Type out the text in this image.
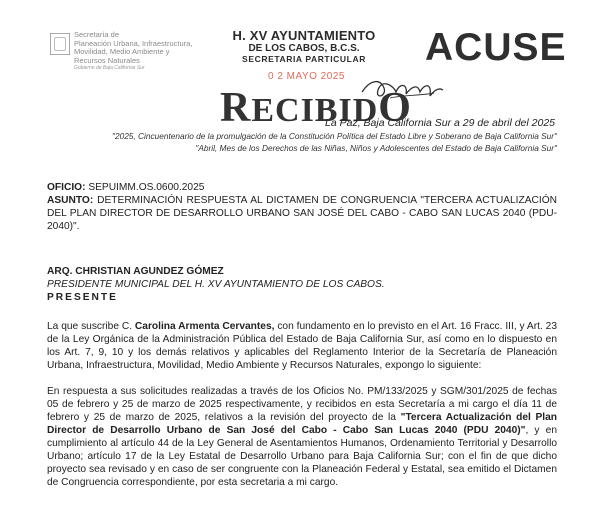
Secretaría de
Planeación Urbana, Infraestructura,
Movilidad, Medio Ambiente y
Recursos Naturales
Gobierno de Baja California Sur
H. XV AYUNTAMIENTO
DE LOS CABOS, B.C.S.
SECRETARIA PARTICULAR
0 2 MAYO 2025
RECIBIDO
ACUSE
La Paz, Baja California Sur a 29 de abril del 2025
"2025, Cincuentenario de la promulgación de la Constitución Política del Estado Libre y Soberano de Baja California Sur"
"Abril, Mes de los Derechos de las Niñas, Niños y Adolescentes del Estado de Baja California Sur"
OFICIO: SEPUIMM.OS.0600.2025
ASUNTO: DETERMINACIÓN RESPUESTA AL DICTAMEN DE CONGRUENCIA "TERCERA ACTUALIZACIÓN DEL PLAN DIRECTOR DE DESARROLLO URBANO SAN JOSÉ DEL CABO - CABO SAN LUCAS 2040 (PDU-2040)".
ARQ. CHRISTIAN AGUNDEZ GÓMEZ
PRESIDENTE MUNICIPAL DEL H. XV AYUNTAMIENTO DE LOS CABOS.
PRESENTE
La que suscribe C. Carolina Armenta Cervantes, con fundamento en lo previsto en el Art. 16 Fracc. III, y Art. 23 de la Ley Orgánica de la Administración Pública del Estado de Baja California Sur, así como en lo dispuesto en los Art. 7, 9, 10 y los demás relativos y aplicables del Reglamento Interior de la Secretaría de Planeación Urbana, Infraestructura, Movilidad, Medio Ambiente y Recursos Naturales, expongo lo siguiente:
En respuesta a sus solicitudes realizadas a través de los Oficios No. PM/133/2025 y SGM/301/2025 de fechas 05 de febrero y 25 de marzo de 2025 respectivamente, y recibidos en esta Secretaría a mi cargo el día 11 de febrero y 25 de marzo de 2025, relativos a la revisión del proyecto de la "Tercera Actualización del Plan Director de Desarrollo Urbano de San José del Cabo - Cabo San Lucas 2040 (PDU 2040)", y en cumplimiento al artículo 44 de la Ley General de Asentamientos Humanos, Ordenamiento Territorial y Desarrollo Urbano; artículo 17 de la Ley Estatal de Desarrollo Urbano para Baja California Sur; con el fin de que dicho proyecto sea revisado y en caso de ser congruente con la Planeación Federal y Estatal, sea emitido el Dictamen de Congruencia correspondiente, por esta secretaria a mi cargo.
